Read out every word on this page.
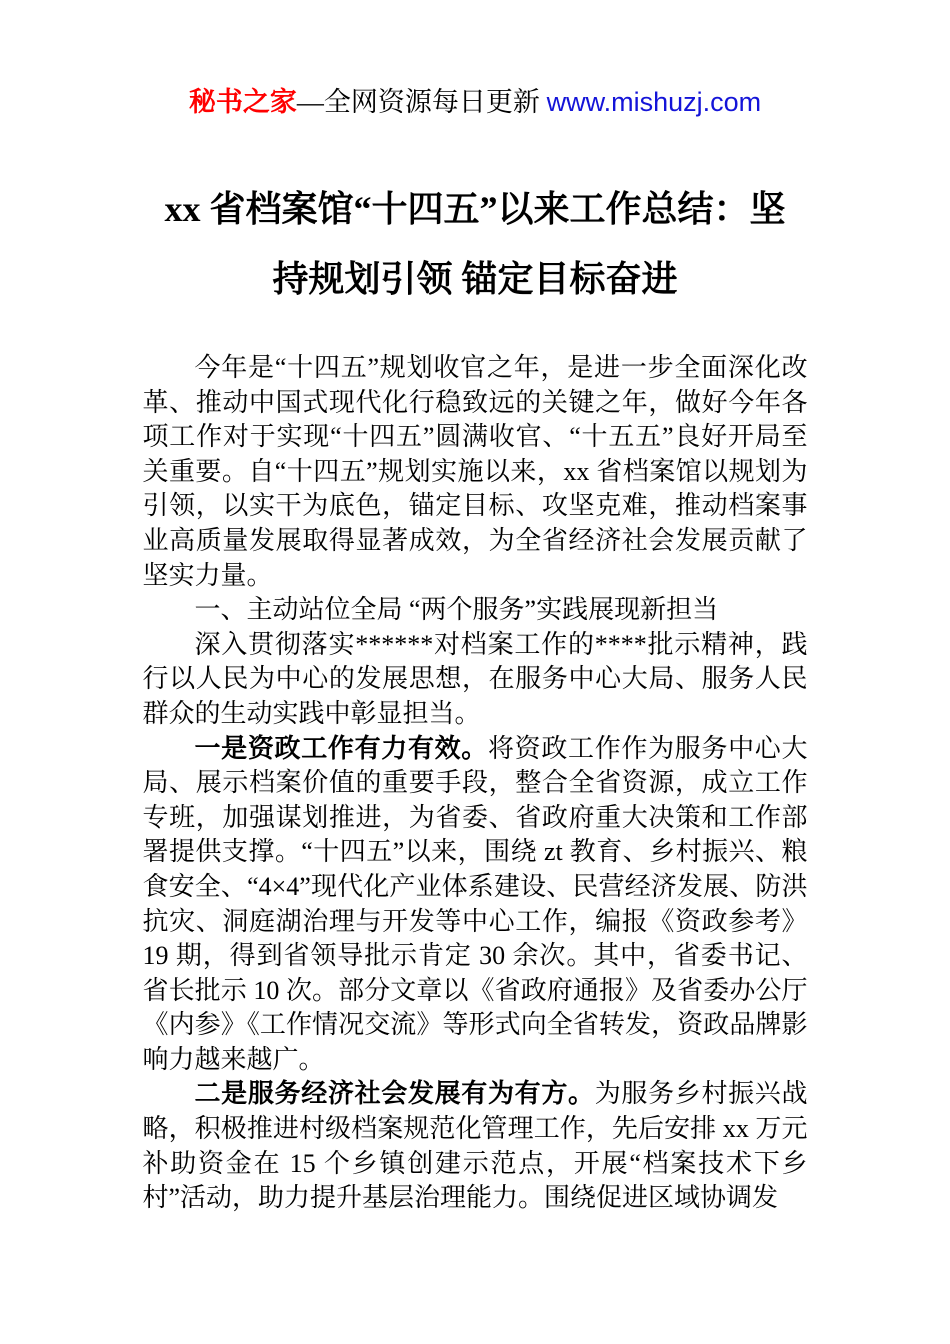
秘书之家—全网资源每日更新 www.mishuzj.com
xx 省档案馆“十四五”以来工作总结：坚
持规划引领 锚定目标奋进

今年是“十四五”规划收官之年，是进一步全面深化改革、推动中国式现代化行稳致远的关键之年，做好今年各项工作对于实现“十四五”圆满收官、“十五五”良好开局至关重要。自“十四五”规划实施以来，xx 省档案馆以规划为引领，以实干为底色，锚定目标、攻坚克难，推动档案事业高质量发展取得显著成效，为全省经济社会发展贡献了坚实力量。

一、主动站位全局 “两个服务”实践展现新担当

深入贯彻落实******对档案工作的****批示精神，践行以人民为中心的发展思想，在服务中心大局、服务人民群众的生动实践中彰显担当。

一是资政工作有力有效。将资政工作作为服务中心大局、展示档案价值的重要手段，整合全省资源，成立工作专班，加强谋划推进，为省委、省政府重大决策和工作部署提供支撑。“十四五”以来，围绕 zt 教育、乡村振兴、粮食安全、“4×4”现代化产业体系建设、民营经济发展、防洪抗灾、洞庭湖治理与开发等中心工作，编报《资政参考》19 期，得到省领导批示肯定 30 余次。其中，省委书记、省长批示 10 次。部分文章以《省政府通报》及省委办公厅《内参》《工作情况交流》等形式向全省转发，资政品牌影响力越来越广。

二是服务经济社会发展有为有方。为服务乡村振兴战略，积极推进村级档案规范化管理工作，先后安排 xx 万元补助资金在 15 个乡镇创建示范点，开展“档案技术下乡村”活动，助力提升基层治理能力。围绕促进区域协调发
